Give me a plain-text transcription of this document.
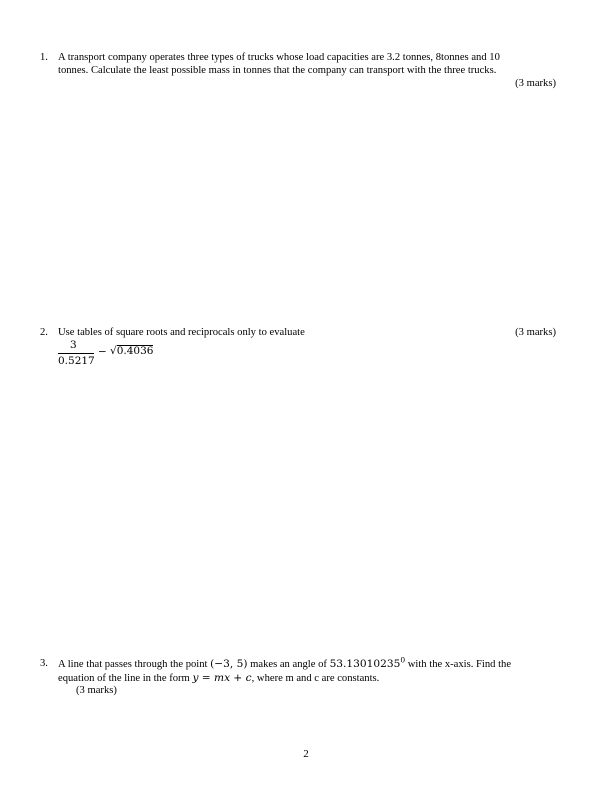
1. A transport company operates three types of trucks whose load capacities are 3.2 tonnes, 8tonnes and 10
tonnes. Calculate the least possible mass in tonnes that the company can transport with the three trucks.
(3 marks)
2. Use tables of square roots and reciprocals only to evaluate	(3 marks)
3
0.5217
− √0.4036
3. A line that passes through the point (−3, 5) makes an angle of 53.13010235$^0$ with the x-axis. Find the
equation of the line in the form y = mx + c, where m and c are constants.
(3 marks)
2
